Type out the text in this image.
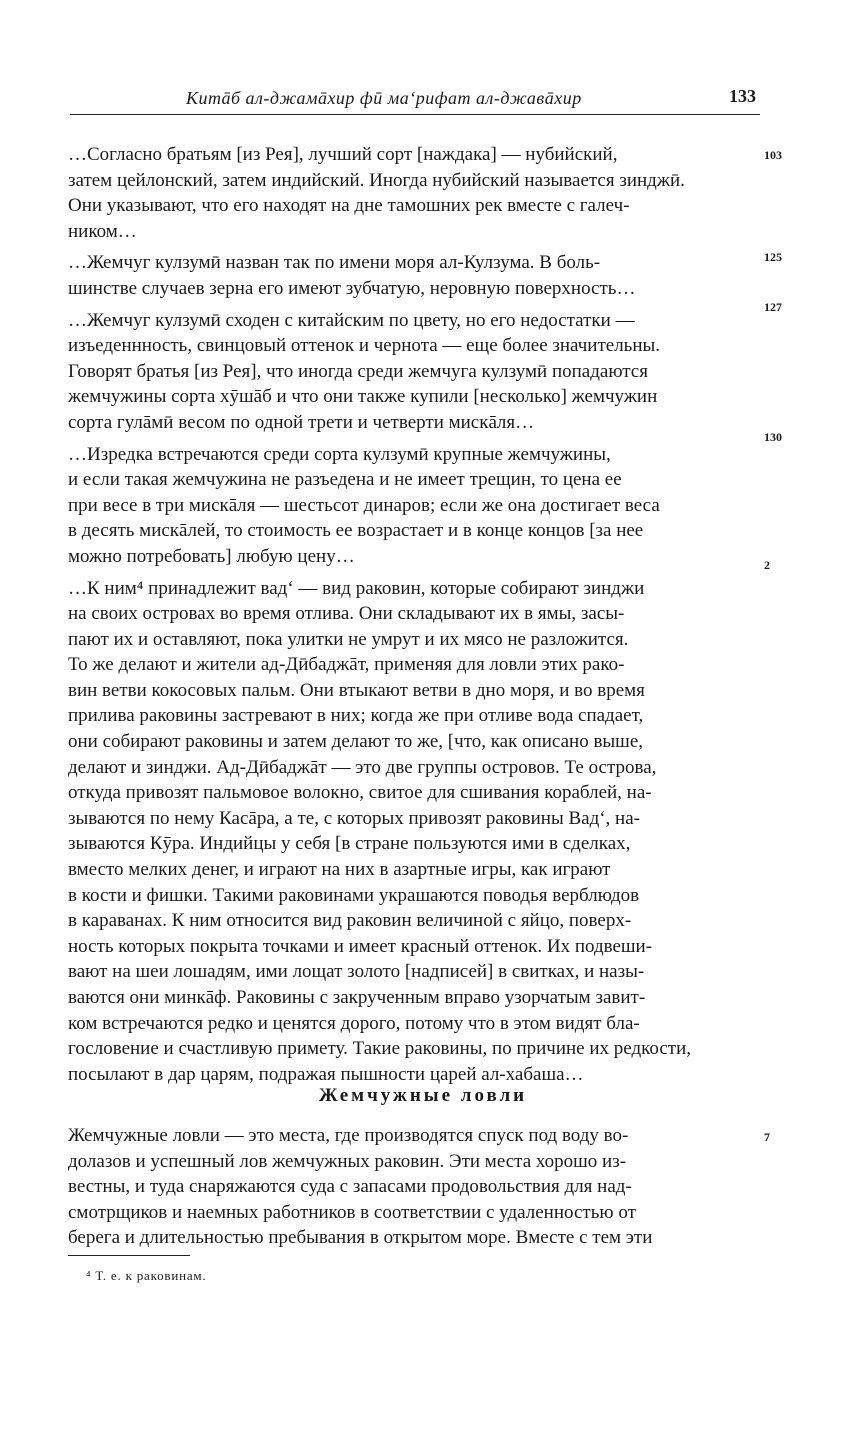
Китāб ал-джамāхир фӣ ма‘рифат ал-джавāхир	133
103
125
127
130
2
7

…Согласно братьям [из Рея], лучший сорт [наждака] — нубийский,
затем цейлонский, затем индийский. Иногда нубийский называется зинджӣ.
Они указывают, что его находят на дне тамошних рек вместе с галеч-
ником…

…Жемчуг кулзумӣ назван так по имени моря ал-Кулзума. В боль-
шинстве случаев зерна его имеют зубчатую, неровную поверхность…

…Жемчуг кулзумӣ сходен с китайским по цвету, но его недостатки —
изъеденнность, свинцовый оттенок и чернота — еще более значительны.
Говорят братья [из Рея], что иногда среди жемчуга кулзумӣ попадаются
жемчужины сорта хӯшāб и что они также купили [несколько] жемчужин
сорта гулāмӣ весом по одной трети и четверти мискāля…

…Изредка встречаются среди сорта кулзумӣ крупные жемчужины,
и если такая жемчужина не разъедена и не имеет трещин, то цена ее
при весе в три мискāля — шестьсот динаров; если же она достигает веса
в десять мискāлей, то стоимость ее возрастает и в конце концов [за нее
можно потребовать] любую цену…

…К ним⁴ принадлежит вад‘ — вид раковин, которые собирают зинджи
на своих островах во время отлива. Они складывают их в ямы, засы-
пают их и оставляют, пока улитки не умрут и их мясо не разложится.
То же делают и жители ад-Дӣбаджāт, применяя для ловли этих рако-
вин ветви кокосовых пальм. Они втыкают ветви в дно моря, и во время
прилива раковины застревают в них; когда же при отливе вода спадает,
они собирают раковины и затем делают то же, [что, как описано выше,
делают и зинджи. Ад-Дӣбаджāт — это две группы островов. Те острова,
откуда привозят пальмовое волокно, свитое для сшивания кораблей, на-
зываются по нему Касāра, а те, с которых привозят раковины Вад‘, на-
зываются Кӯра. Индийцы у себя [в стране пользуются ими в сделках,
вместо мелких денег, и играют на них в азартные игры, как играют
в кости и фишки. Такими раковинами украшаются поводья верблюдов
в караванах. К ним относится вид раковин величиной с яйцо, поверх-
ность которых покрыта точками и имеет красный оттенок. Их подвеши-
вают на шеи лошадям, ими лощат золото [надписей] в свитках, и назы-
ваются они минкāф. Раковины с закрученным вправо узорчатым завит-
ком встречаются редко и ценятся дорого, потому что в этом видят бла-
гословение и счастливую примету. Такие раковины, по причине их редкости,
посылают в дар царям, подражая пышности царей ал-хабаша…

Жемчужные ловли

Жемчужные ловли — это места, где производятся спуск под воду во-
долазов и успешный лов жемчужных раковин. Эти места хорошо из-
вестны, и туда снаряжаются суда с запасами продовольствия для над-
смотрщиков и наемных работников в соответствии с удаленностью от
берега и длительностью пребывания в открытом море. Вместе с тем эти

⁴ Т. е. к раковинам.
